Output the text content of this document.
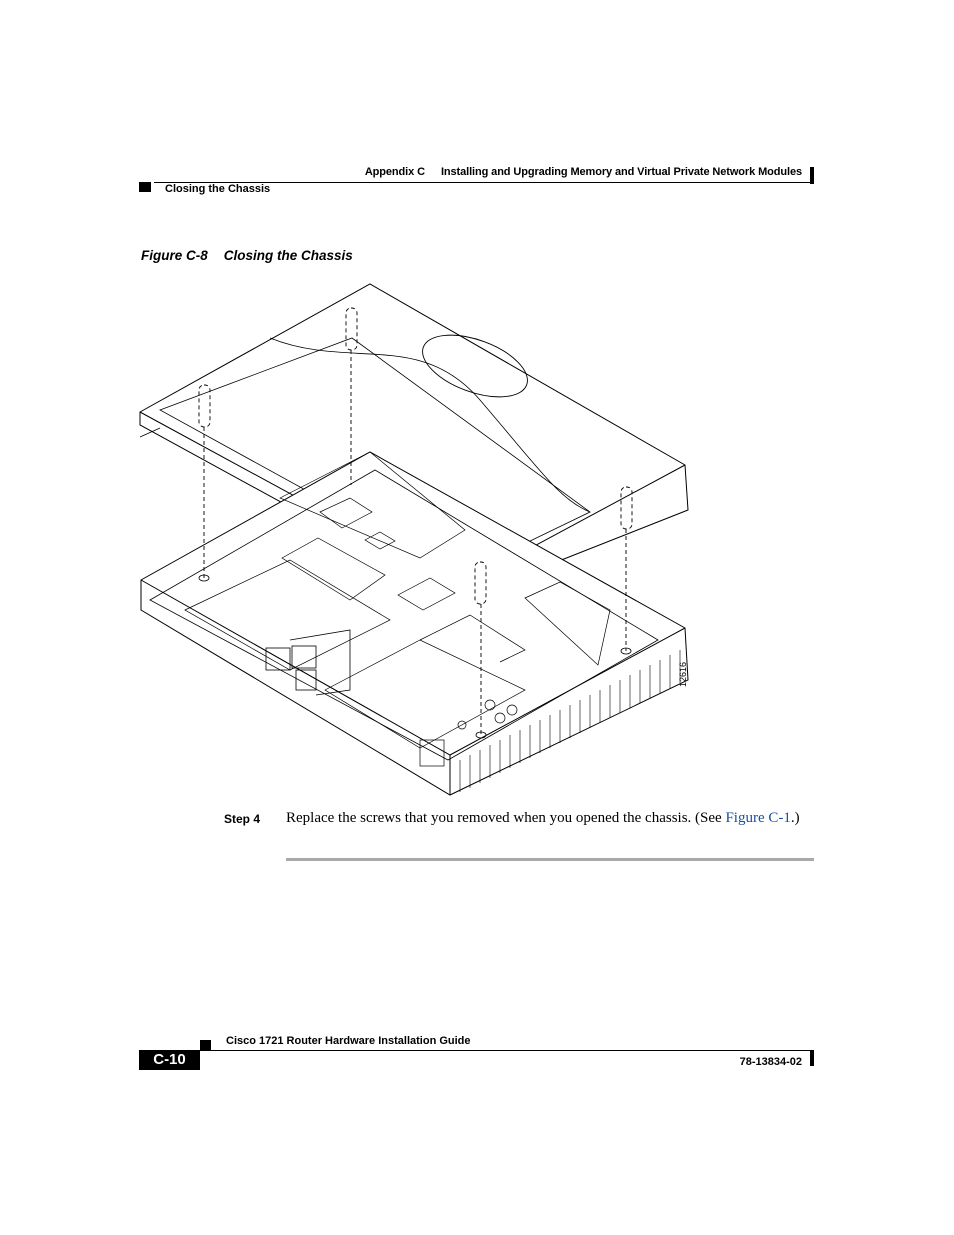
Appendix C Installing and Upgrading Memory and Virtual Private Network Modules
Closing the Chassis
Figure C-8 Closing the Chassis
12616
Step 4 Replace the screws that you removed when you opened the chassis. (See Figure C-1.)
Cisco 1721 Router Hardware Installation Guide
C-10	78-13834-02
